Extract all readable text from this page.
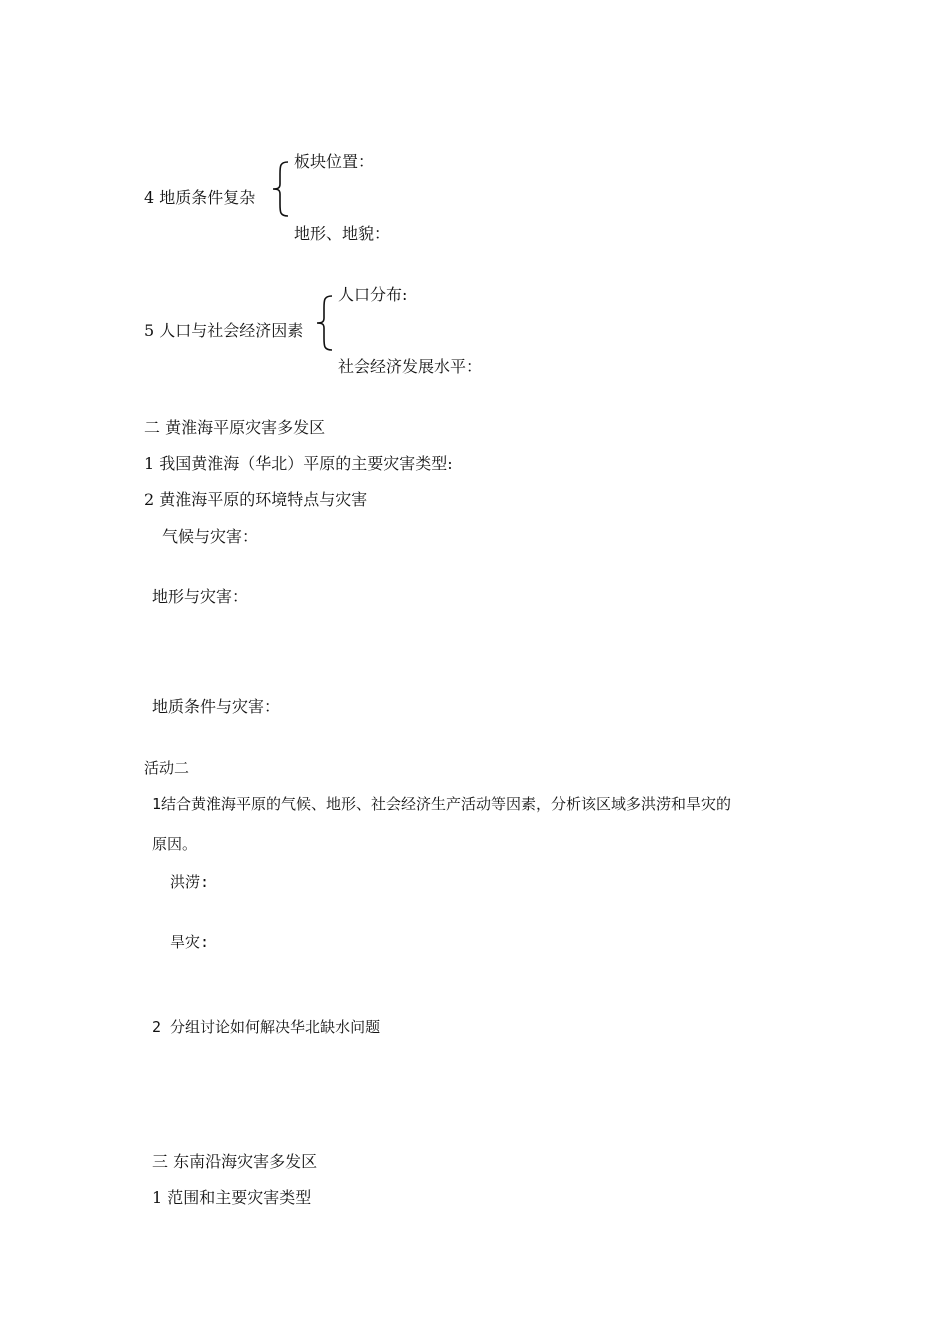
板块位置：
4 地质条件复杂
地形、地貌：
人口分布:
5 人口与社会经济因素
社会经济发展水平：
二 黄淮海平原灾害多发区
1 我国黄淮海（华北）平原的主要灾害类型:
2 黄淮海平原的环境特点与灾害
气候与灾害：
地形与灾害：
地质条件与灾害：
活动二
1结合黄淮海平原的气候、地形、社会经济生产活动等因素，分析该区域多洪涝和旱灾的
原因。
洪涝:
旱灾:
2 分组讨论如何解决华北缺水问题
三 东南沿海灾害多发区
1 范围和主要灾害类型
